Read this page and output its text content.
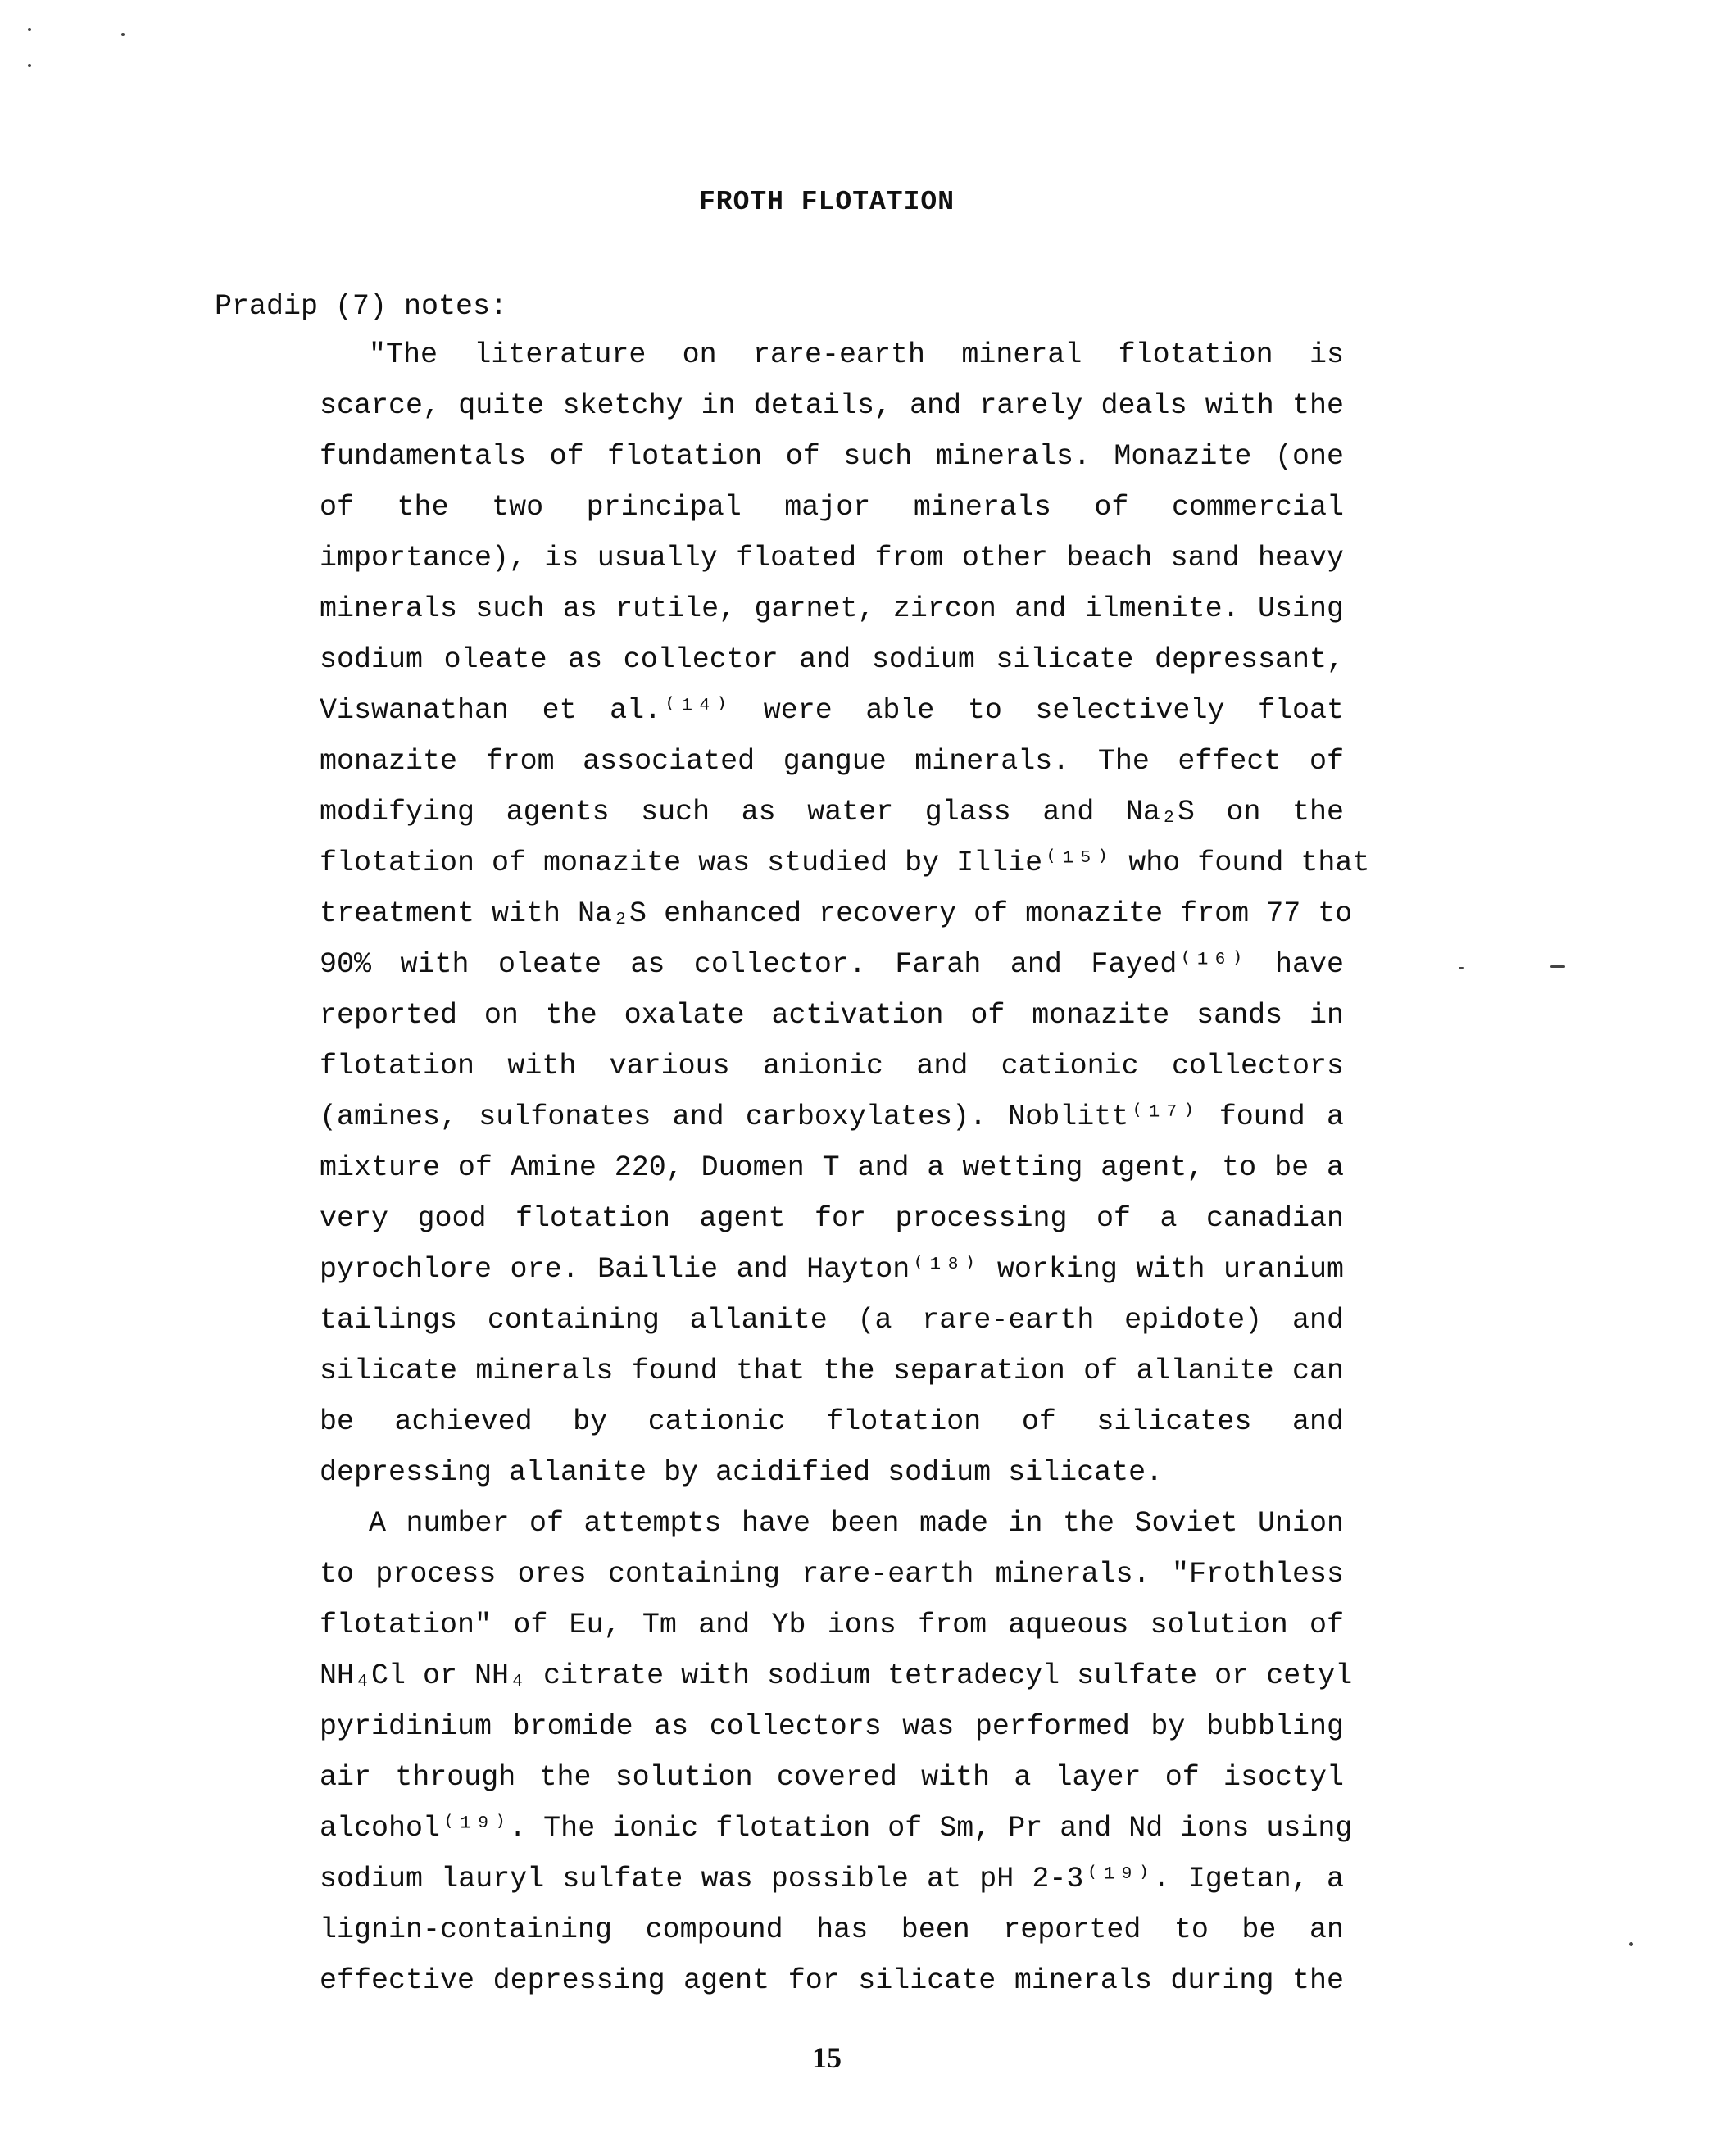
FROTH FLOTATION
Pradip (7) notes:
"The literature on rare-earth mineral flotation is
scarce, quite sketchy in details, and rarely deals with the
fundamentals of flotation of such minerals. Monazite (one
of the two principal major minerals of commercial
importance), is usually floated from other beach sand heavy
minerals such as rutile, garnet, zircon and ilmenite. Using
sodium oleate as collector and sodium silicate depressant,
Viswanathan et al.⁽¹⁴⁾ were able to selectively float
monazite from associated gangue minerals. The effect of
modifying agents such as water glass and Na₂S on the
flotation of monazite was studied by Illie⁽¹⁵⁾ who found that
treatment with Na₂S enhanced recovery of monazite from 77 to
90% with oleate as collector. Farah and Fayed⁽¹⁶⁾ have
reported on the oxalate activation of monazite sands in
flotation with various anionic and cationic collectors
(amines, sulfonates and carboxylates). Noblitt⁽¹⁷⁾ found a
mixture of Amine 220, Duomen T and a wetting agent, to be a
very good flotation agent for processing of a canadian
pyrochlore ore. Baillie and Hayton⁽¹⁸⁾ working with uranium
tailings containing allanite (a rare-earth epidote) and
silicate minerals found that the separation of allanite can
be achieved by cationic flotation of silicates and
depressing allanite by acidified sodium silicate.
A number of attempts have been made in the Soviet Union
to process ores containing rare-earth minerals. "Frothless
flotation" of Eu, Tm and Yb ions from aqueous solution of
NH₄Cl or NH₄ citrate with sodium tetradecyl sulfate or cetyl
pyridinium bromide as collectors was performed by bubbling
air through the solution covered with a layer of isoctyl
alcohol⁽¹⁹⁾. The ionic flotation of Sm, Pr and Nd ions using
sodium lauryl sulfate was possible at pH 2-3⁽¹⁹⁾. Igetan, a
lignin-containing compound has been reported to be an
effective depressing agent for silicate minerals during the
15
